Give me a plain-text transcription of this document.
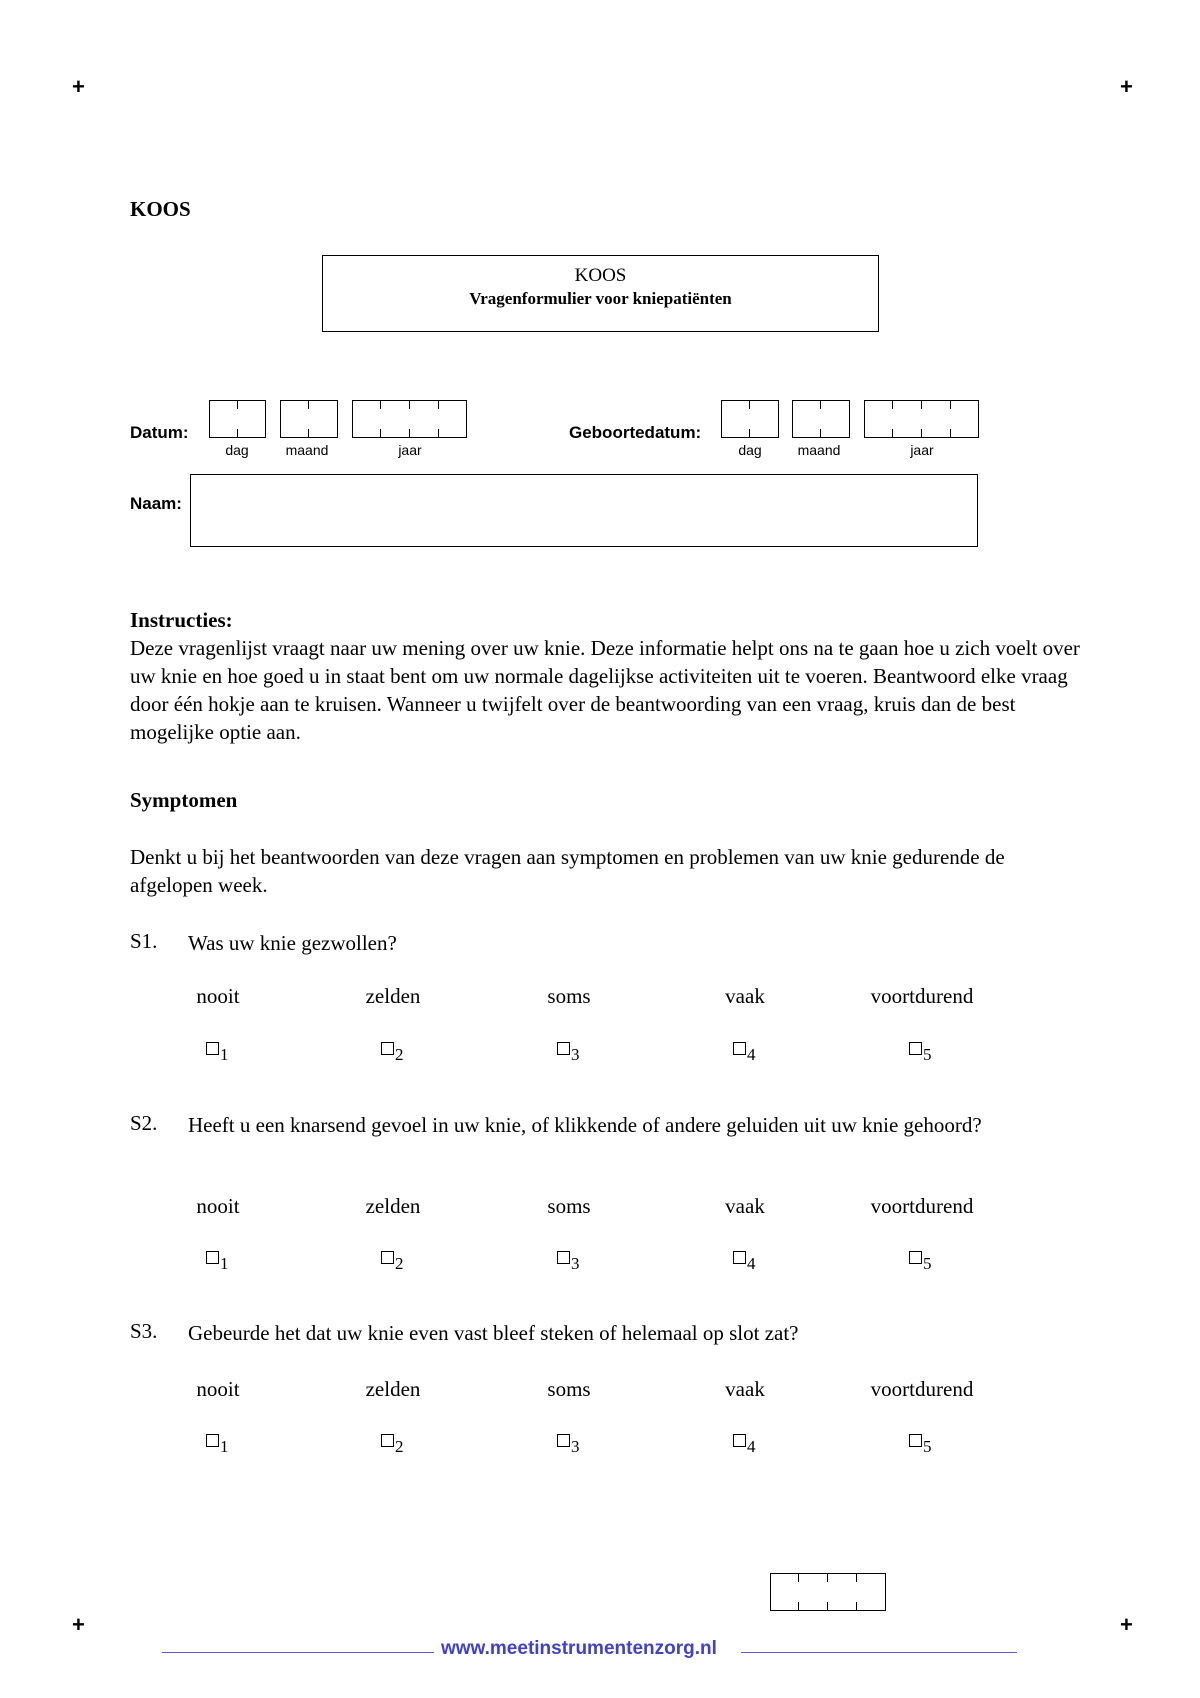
+	+
+	+
KOOS
KOOS
Vragenformulier voor kniepatiënten
Datum:
dag	maand	jaar
Geboortedatum:
dag	maand	jaar
Naam:
Instructies:
Deze vragenlijst vraagt naar uw mening over uw knie. Deze informatie helpt ons na te gaan hoe u zich voelt over uw knie en hoe goed u in staat bent om uw normale dagelijkse activiteiten uit te voeren. Beantwoord elke vraag door één hokje aan te kruisen. Wanneer u twijfelt over de beantwoording van een vraag, kruis dan de best mogelijke optie aan.
Symptomen
Denkt u bij het beantwoorden van deze vragen aan symptomen en problemen van uw knie gedurende de afgelopen week.
S1. Was uw knie gezwollen?
nooit	zelden	soms	vaak	voortdurend
$_1$	$_2$	$_3$	$_4$	$_5$
S2. Heeft u een knarsend gevoel in uw knie, of klikkende of andere geluiden uit uw knie gehoord?
nooit	zelden	soms	vaak	voortdurend
$_1$	$_2$	$_3$	$_4$	$_5$
S3. Gebeurde het dat uw knie even vast bleef steken of helemaal op slot zat?
nooit	zelden	soms	vaak	voortdurend
$_1$	$_2$	$_3$	$_4$	$_5$
www.meetinstrumentenzorg.nl
